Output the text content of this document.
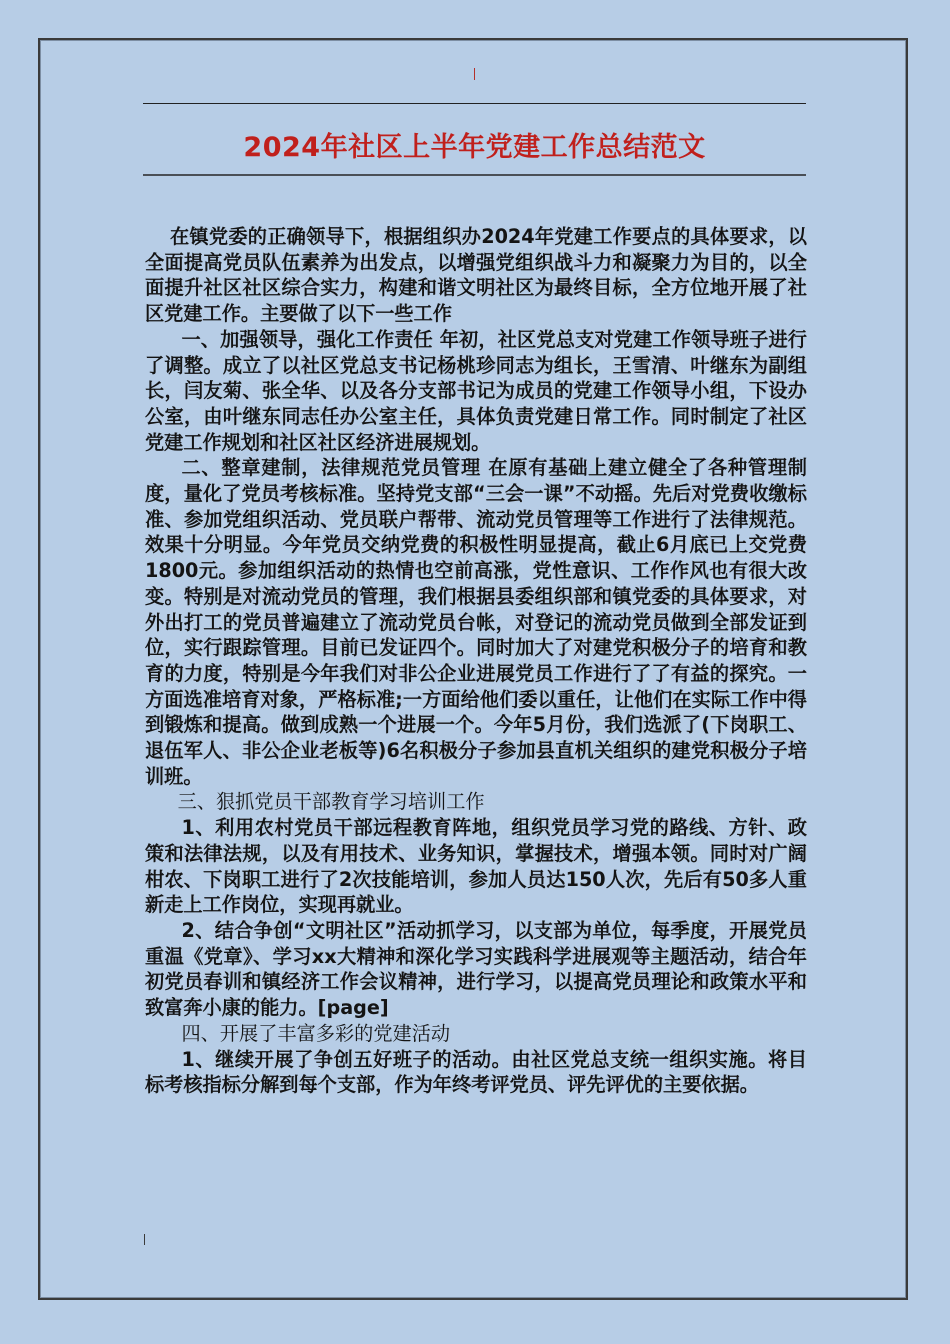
2024年社区上半年党建工作总结范文

在镇党委的正确领导下，根据组织办2024年党建工作要点的具体要求，以全面提高党员队伍素养为出发点，以增强党组织战斗力和凝聚力为目的，以全面提升社区社区综合实力，构建和谐文明社区为最终目标，全方位地开展了社区党建工作。主要做了以下一些工作

一、加强领导，强化工作责任 年初，社区党总支对党建工作领导班子进行了调整。成立了以社区党总支书记杨桃珍同志为组长，王雪清、叶继东为副组长，闫友菊、张全华、以及各分支部书记为成员的党建工作领导小组，下设办公室，由叶继东同志任办公室主任，具体负责党建日常工作。同时制定了社区党建工作规划和社区社区经济进展规划。

二、整章建制，法律规范党员管理 在原有基础上建立健全了各种管理制度，量化了党员考核标准。坚持党支部“三会一课”不动摇。先后对党费收缴标准、参加党组织活动、党员联户帮带、流动党员管理等工作进行了法律规范。效果十分明显。今年党员交纳党费的积极性明显提高，截止6月底已上交党费1800元。参加组织活动的热情也空前高涨，党性意识、工作作风也有很大改变。特别是对流动党员的管理，我们根据县委组织部和镇党委的具体要求，对外出打工的党员普遍建立了流动党员台帐，对登记的流动党员做到全部发证到位，实行跟踪管理。目前已发证四个。同时加大了对建党积极分子的培育和教育的力度，特别是今年我们对非公企业进展党员工作进行了了有益的探究。一方面选准培育对象，严格标准;一方面给他们委以重任，让他们在实际工作中得到锻炼和提高。做到成熟一个进展一个。今年5月份，我们选派了(下岗职工、退伍军人、非公企业老板等)6名积极分子参加县直机关组织的建党积极分子培训班。

三、狠抓党员干部教育学习培训工作

1、利用农村党员干部远程教育阵地，组织党员学习党的路线、方针、政策和法律法规，以及有用技术、业务知识，掌握技术，增强本领。同时对广阔柑农、下岗职工进行了2次技能培训，参加人员达150人次，先后有50多人重新走上工作岗位，实现再就业。

2、结合争创“文明社区”活动抓学习，以支部为单位，每季度，开展党员重温《党章》、学习xx大精神和深化学习实践科学进展观等主题活动，结合年初党员春训和镇经济工作会议精神，进行学习，以提高党员理论和政策水平和致富奔小康的能力。[page]

四、开展了丰富多彩的党建活动

1、继续开展了争创五好班子的活动。由社区党总支统一组织实施。将目标考核指标分解到每个支部，作为年终考评党员、评先评优的主要依据。
